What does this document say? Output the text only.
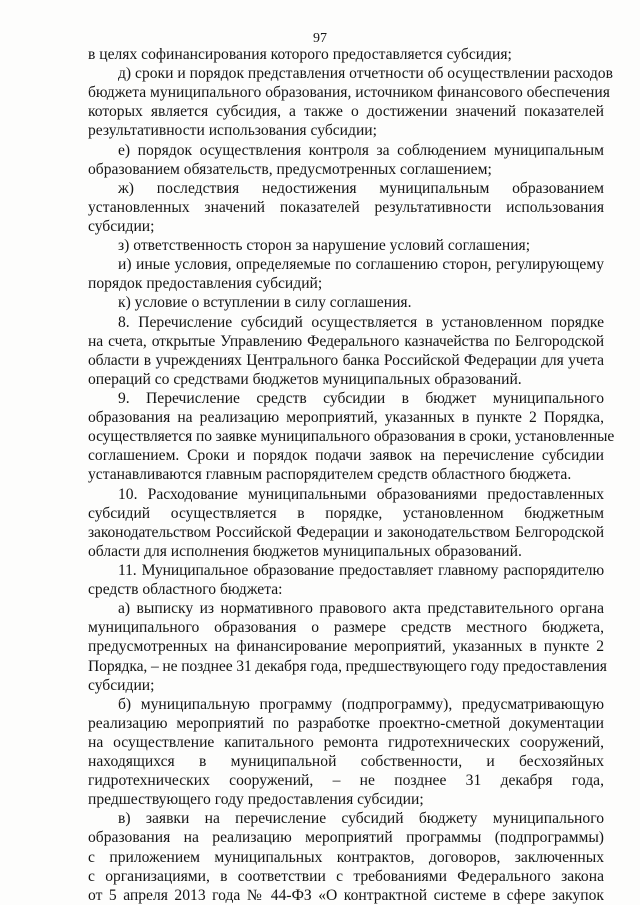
97
в целях софинансирования которого предоставляется субсидия;
д) сроки и порядок представления отчетности об осуществлении расходов
бюджета муниципального образования, источником финансового обеспечения
которых является субсидия, а также о достижении значений показателей
результативности использования субсидии;
е) порядок осуществления контроля за соблюдением муниципальным
образованием обязательств, предусмотренных соглашением;
ж) последствия недостижения муниципальным образованием
установленных значений показателей результативности использования
субсидии;
з) ответственность сторон за нарушение условий соглашения;
и) иные условия, определяемые по соглашению сторон, регулирующему
порядок предоставления субсидий;
к) условие о вступлении в силу соглашения.
8. Перечисление субсидий осуществляется в установленном порядке
на счета, открытые Управлению Федерального казначейства по Белгородской
области в учреждениях Центрального банка Российской Федерации для учета
операций со средствами бюджетов муниципальных образований.
9. Перечисление средств субсидии в бюджет муниципального
образования на реализацию мероприятий, указанных в пункте 2 Порядка,
осуществляется по заявке муниципального образования в сроки, установленные
соглашением. Сроки и порядок подачи заявок на перечисление субсидии
устанавливаются главным распорядителем средств областного бюджета.
10. Расходование муниципальными образованиями предоставленных
субсидий осуществляется в порядке, установленном бюджетным
законодательством Российской Федерации и законодательством Белгородской
области для исполнения бюджетов муниципальных образований.
11. Муниципальное образование предоставляет главному распорядителю
средств областного бюджета:
а) выписку из нормативного правового акта представительного органа
муниципального образования о размере средств местного бюджета,
предусмотренных на финансирование мероприятий, указанных в пункте 2
Порядка, – не позднее 31 декабря года, предшествующего году предоставления
субсидии;
б) муниципальную программу (подпрограмму), предусматривающую
реализацию мероприятий по разработке проектно-сметной документации
на осуществление капитального ремонта гидротехнических сооружений,
находящихся в муниципальной собственности, и бесхозяйных
гидротехнических сооружений, – не позднее 31 декабря года,
предшествующего году предоставления субсидии;
в) заявки на перечисление субсидий бюджету муниципального
образования на реализацию мероприятий программы (подпрограммы)
с приложением муниципальных контрактов, договоров, заключенных
с организациями, в соответствии с требованиями Федерального закона
от 5 апреля 2013 года № 44-ФЗ «О контрактной системе в сфере закупок
